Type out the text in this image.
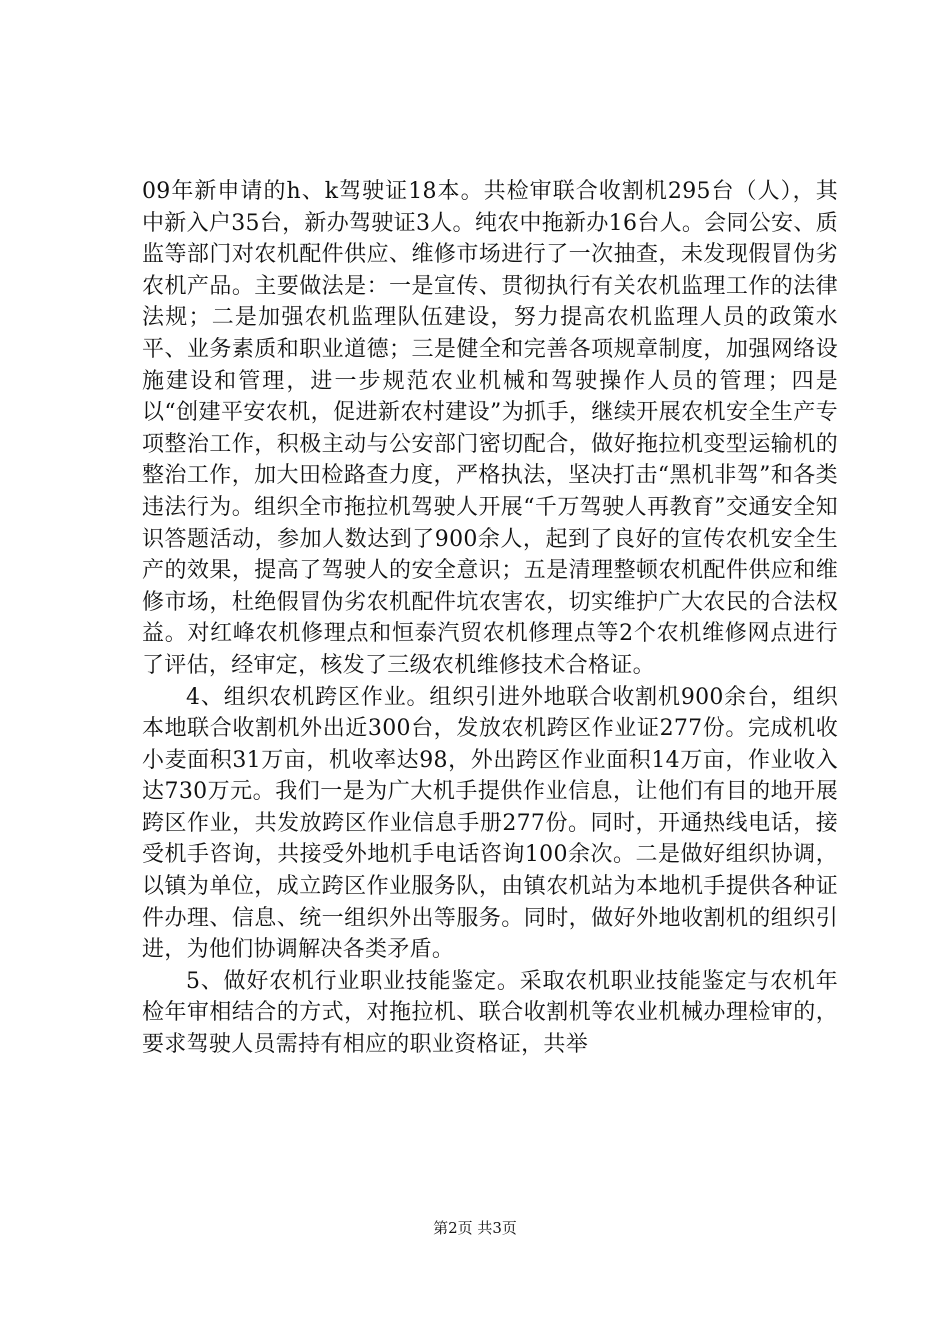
09年新申请的h、k驾驶证18本。共检审联合收割机295台（人），其中新入户35台，新办驾驶证3人。纯农中拖新办16台人。会同公安、质监等部门对农机配件供应、维修市场进行了一次抽查，未发现假冒伪劣农机产品。主要做法是：一是宣传、贯彻执行有关农机监理工作的法律法规；二是加强农机监理队伍建设，努力提高农机监理人员的政策水平、业务素质和职业道德；三是健全和完善各项规章制度，加强网络设施建设和管理，进一步规范农业机械和驾驶操作人员的管理；四是以“创建平安农机，促进新农村建设”为抓手，继续开展农机安全生产专项整治工作，积极主动与公安部门密切配合，做好拖拉机变型运输机的整治工作，加大田检路查力度，严格执法，坚决打击“黑机非驾”和各类违法行为。组织全市拖拉机驾驶人开展“千万驾驶人再教育”交通安全知识答题活动，参加人数达到了900余人，起到了良好的宣传农机安全生产的效果，提高了驾驶人的安全意识；五是清理整顿农机配件供应和维修市场，杜绝假冒伪劣农机配件坑农害农，切实维护广大农民的合法权益。对红峰农机修理点和恒泰汽贸农机修理点等2个农机维修网点进行了评估，经审定，核发了三级农机维修技术合格证。

4、组织农机跨区作业。组织引进外地联合收割机900余台，组织本地联合收割机外出近300台，发放农机跨区作业证277份。完成机收小麦面积31万亩，机收率达98，外出跨区作业面积14万亩，作业收入达730万元。我们一是为广大机手提供作业信息，让他们有目的地开展跨区作业，共发放跨区作业信息手册277份。同时，开通热线电话，接受机手咨询，共接受外地机手电话咨询100余次。二是做好组织协调，以镇为单位，成立跨区作业服务队，由镇农机站为本地机手提供各种证件办理、信息、统一组织外出等服务。同时，做好外地收割机的组织引进，为他们协调解决各类矛盾。

5、做好农机行业职业技能鉴定。采取农机职业技能鉴定与农机年检年审相结合的方式，对拖拉机、联合收割机等农业机械办理检审的，要求驾驶人员需持有相应的职业资格证，共举

第2页 共3页
